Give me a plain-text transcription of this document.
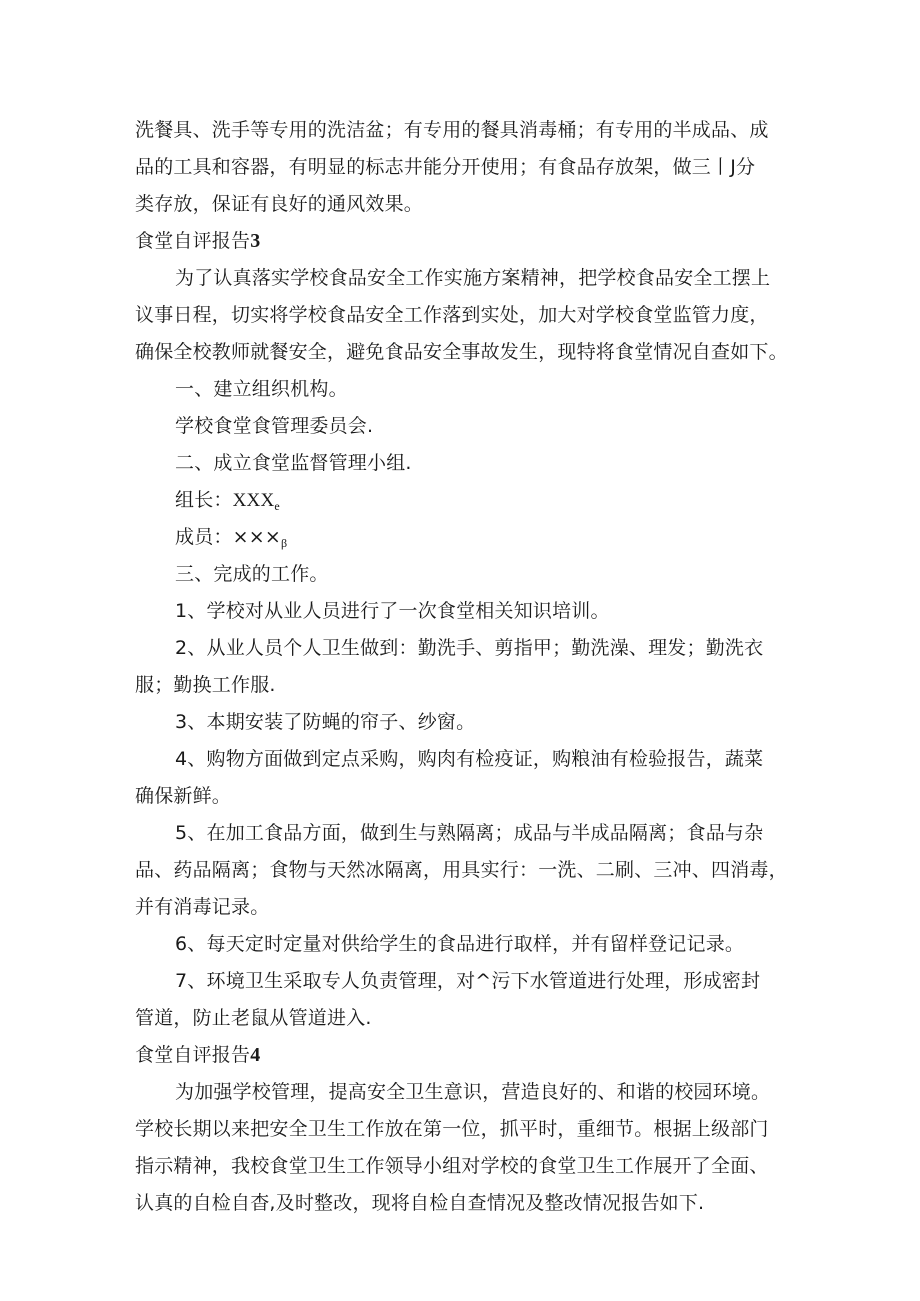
洗餐具、洗手等专用的洗洁盆；有专用的餐具消毒桶；有专用的半成品、成
品的工具和容器，有明显的标志井能分开使用；有食品存放架，做三丨J分
类存放，保证有良好的通风效果。
食堂自评报告3
为了认真落实学校食品安全工作实施方案精神，把学校食品安全工摆上
议事日程，切实将学校食品安全工作落到实处，加大对学校食堂监管力度，
确保全校教师就餐安全，避免食品安全事故发生，现特将食堂情况自查如下。
一、建立组织机构。
学校食堂食管理委员会.
二、成立食堂监督管理小组.
组长：$XXX_e$
成员：$\times\times\times_\beta$
三、完成的工作。
1、学校对从业人员进行了一次食堂相关知识培训。
2、从业人员个人卫生做到：勤洗手、剪指甲；勤洗澡、理发；勤洗衣
服；勤换工作服.
3、本期安装了防蝇的帘子、纱窗。
4、购物方面做到定点采购，购肉有检疫证，购粮油有检验报告，蔬菜
确保新鲜。
5、在加工食品方面，做到生与熟隔离；成品与半成品隔离；食品与杂
品、药品隔离；食物与天然冰隔离，用具实行：一洗、二刷、三冲、四消毒，
并有消毒记录。
6、每天定时定量对供给学生的食品进行取样，并有留样登记记录。
7、环境卫生采取专人负责管理，对^污下水管道进行处理，形成密封
管道，防止老鼠从管道进入.
食堂自评报告4
为加强学校管理，提高安全卫生意识，营造良好的、和谐的校园环境。
学校长期以来把安全卫生工作放在第一位，抓平时，重细节。根据上级部门
指示精神，我校食堂卫生工作领导小组对学校的食堂卫生工作展开了全面、
认真的自检自杳,及时整改，现将自检自查情况及整改情况报告如下.
